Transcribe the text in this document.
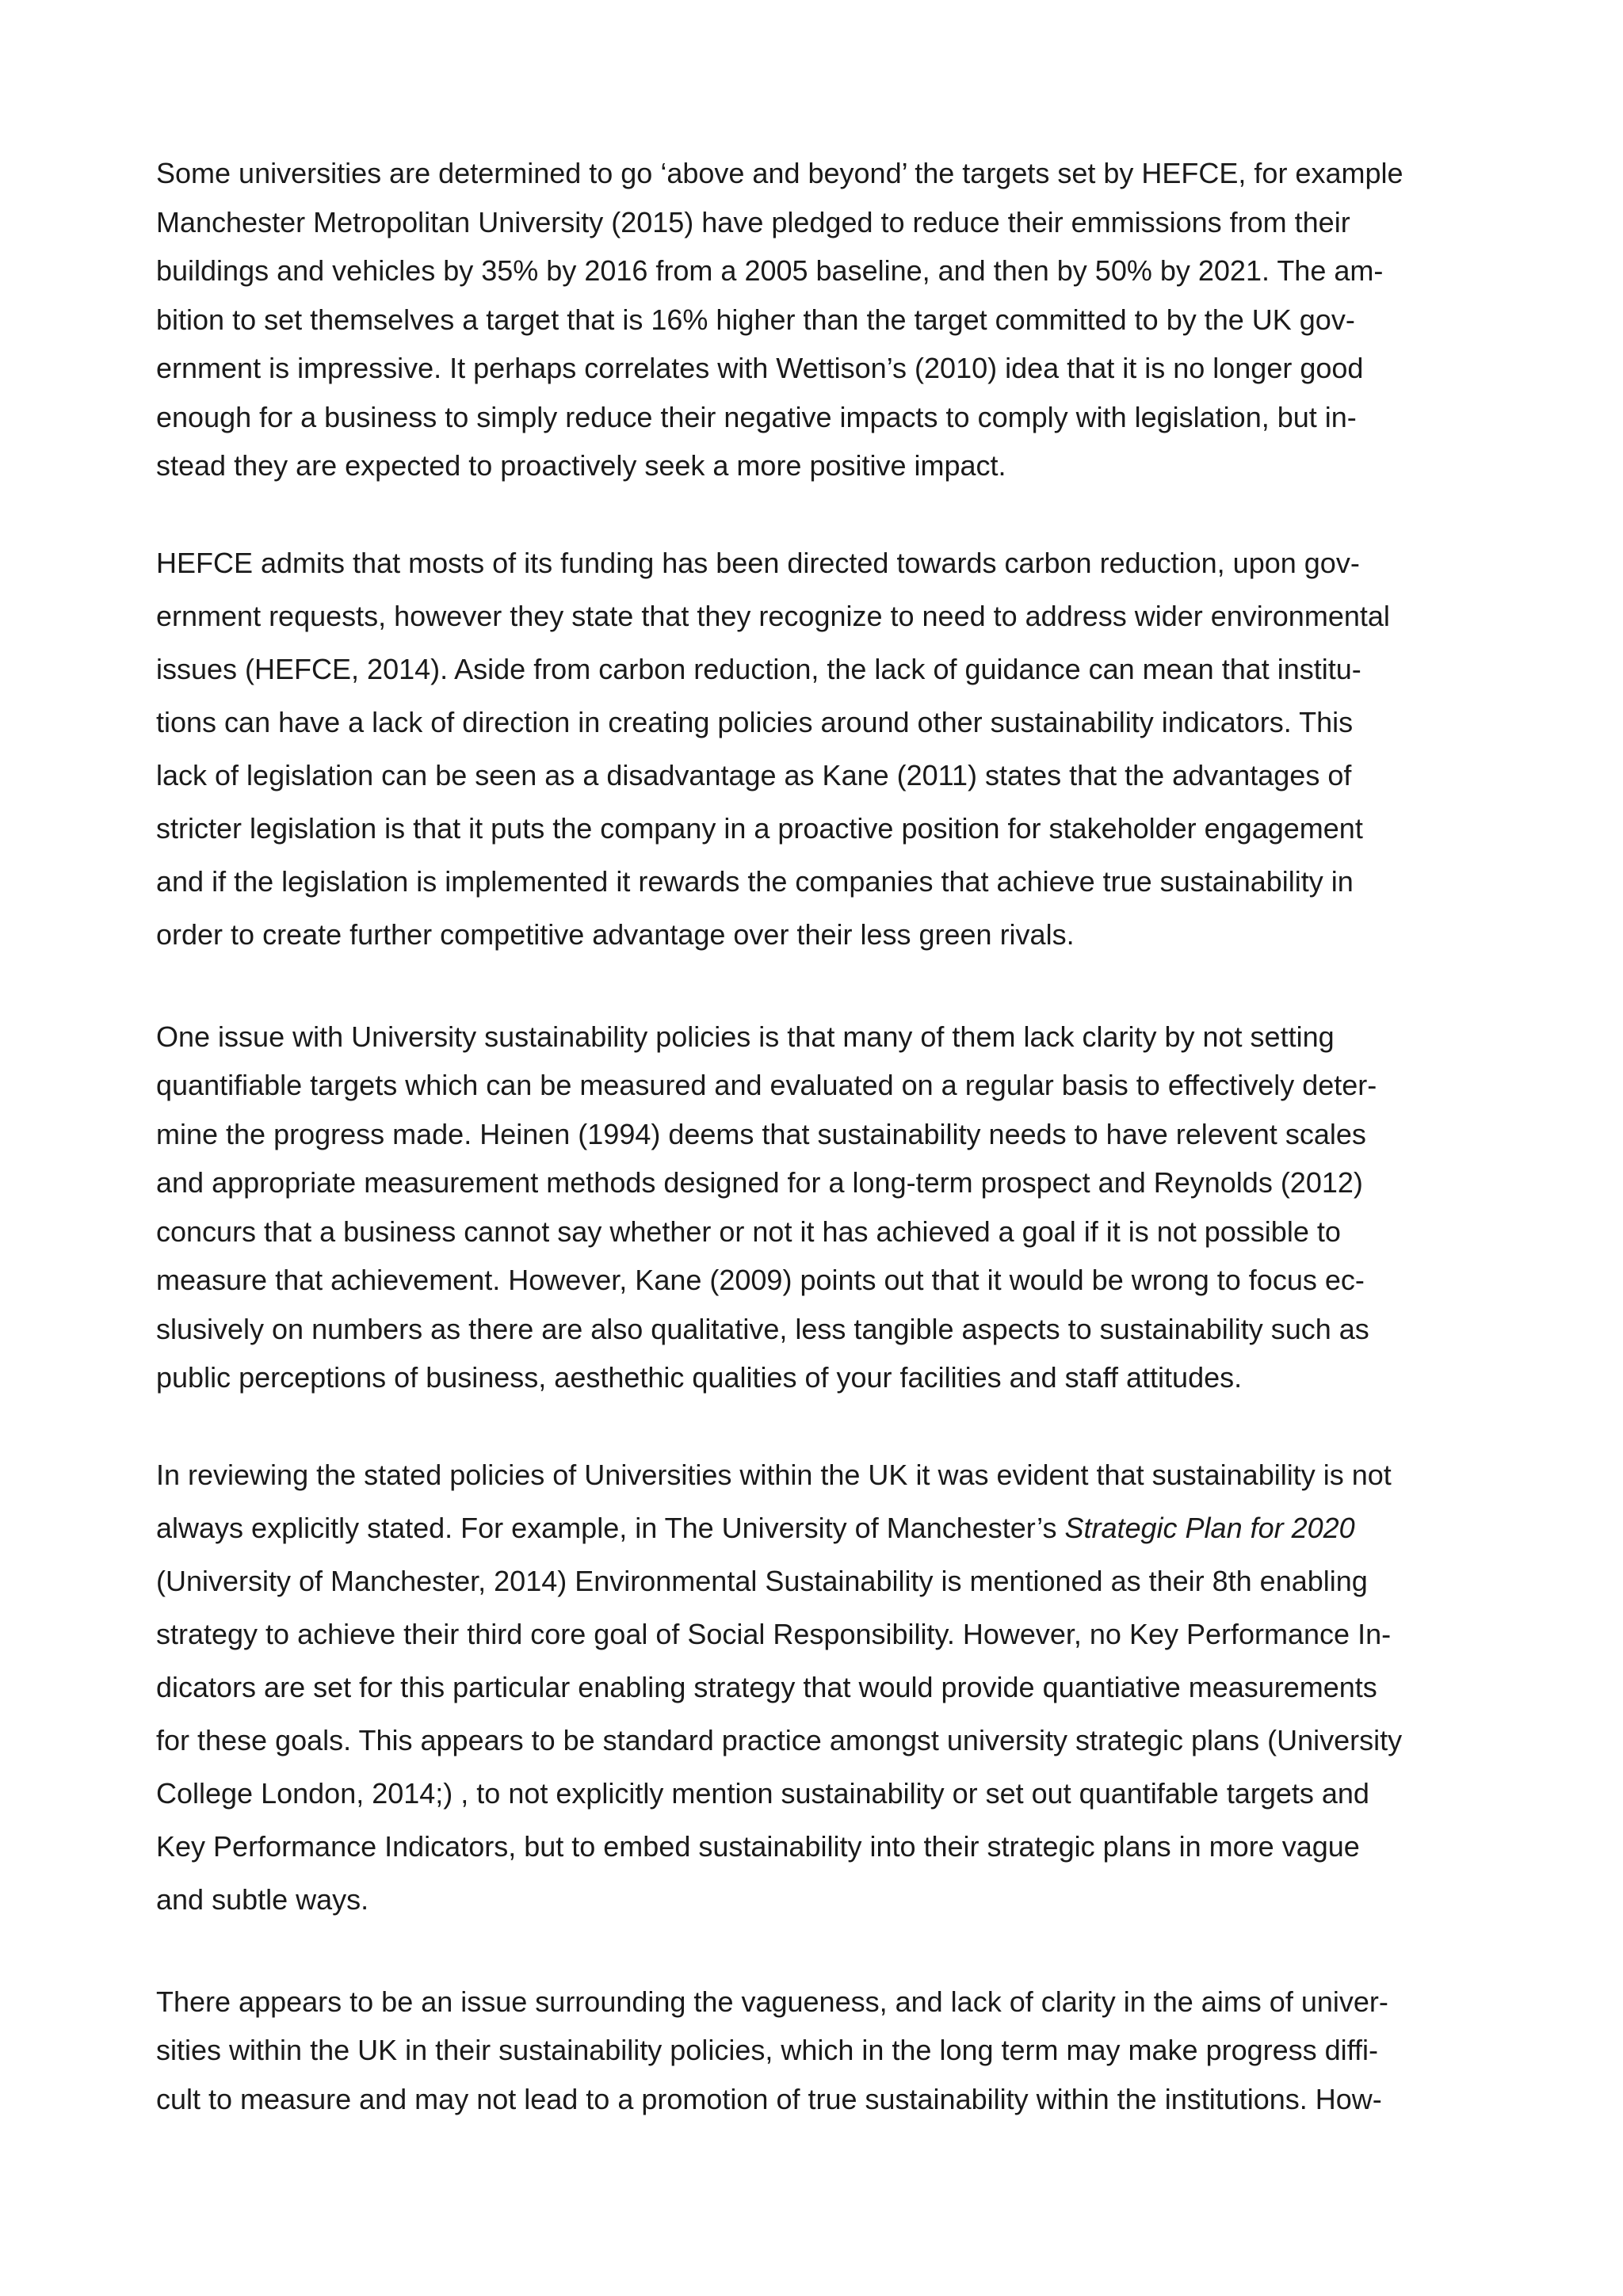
Some universities are determined to go ‘above and beyond’ the targets set by HEFCE, for example
Manchester Metropolitan University (2015) have pledged to reduce their emmissions from their
buildings and vehicles by 35% by 2016 from a 2005 baseline, and then by 50% by 2021. The am-
bition to set themselves a target that is 16% higher than the target committed to by the UK gov-
ernment is impressive. It perhaps correlates with Wettison’s (2010) idea that it is no longer good
enough for a business to simply reduce their negative impacts to comply with legislation, but in-
stead they are expected to proactively seek a more positive impact.

HEFCE admits that mosts of its funding has been directed towards carbon reduction, upon gov-
ernment requests, however they state that they recognize to need to address wider environmental
issues (HEFCE, 2014). Aside from carbon reduction, the lack of guidance can mean that institu-
tions can have a lack of direction in creating policies around other sustainability indicators. This
lack of legislation can be seen as a disadvantage as Kane (2011) states that the advantages of
stricter legislation is that it puts the company in a proactive position for stakeholder engagement
and if the legislation is implemented it rewards the companies that achieve true sustainability in
order to create further competitive advantage over their less green rivals.

One issue with University sustainability policies is that many of them lack clarity by not setting
quantifiable targets which can be measured and evaluated on a regular basis to effectively deter-
mine the progress made. Heinen (1994) deems that sustainability needs to have relevent scales
and appropriate measurement methods designed for a long-term prospect and Reynolds (2012)
concurs that a business cannot say whether or not it has achieved a goal if it is not possible to
measure that achievement. However, Kane (2009) points out that it would be wrong to focus ec-
slusively on numbers as there are also qualitative, less tangible aspects to sustainability such as
public perceptions of business, aesthethic qualities of your facilities and staff attitudes.

In reviewing the stated policies of Universities within the UK it was evident that sustainability is not
always explicitly stated. For example, in The University of Manchester’s Strategic Plan for 2020
(University of Manchester, 2014) Environmental Sustainability is mentioned as their 8th enabling
strategy to achieve their third core goal of Social Responsibility. However, no Key Performance In-
dicators are set for this particular enabling strategy that would provide quantiative measurements
for these goals. This appears to be standard practice amongst university strategic plans (University
College London, 2014;) , to not explicitly mention sustainability or set out quantifable targets and
Key Performance Indicators, but to embed sustainability into their strategic plans in more vague
and subtle ways.

There appears to be an issue surrounding the vagueness, and lack of clarity in the aims of univer-
sities within the UK in their sustainability policies, which in the long term may make progress diffi-
cult to measure and may not lead to a promotion of true sustainability within the institutions. How-
